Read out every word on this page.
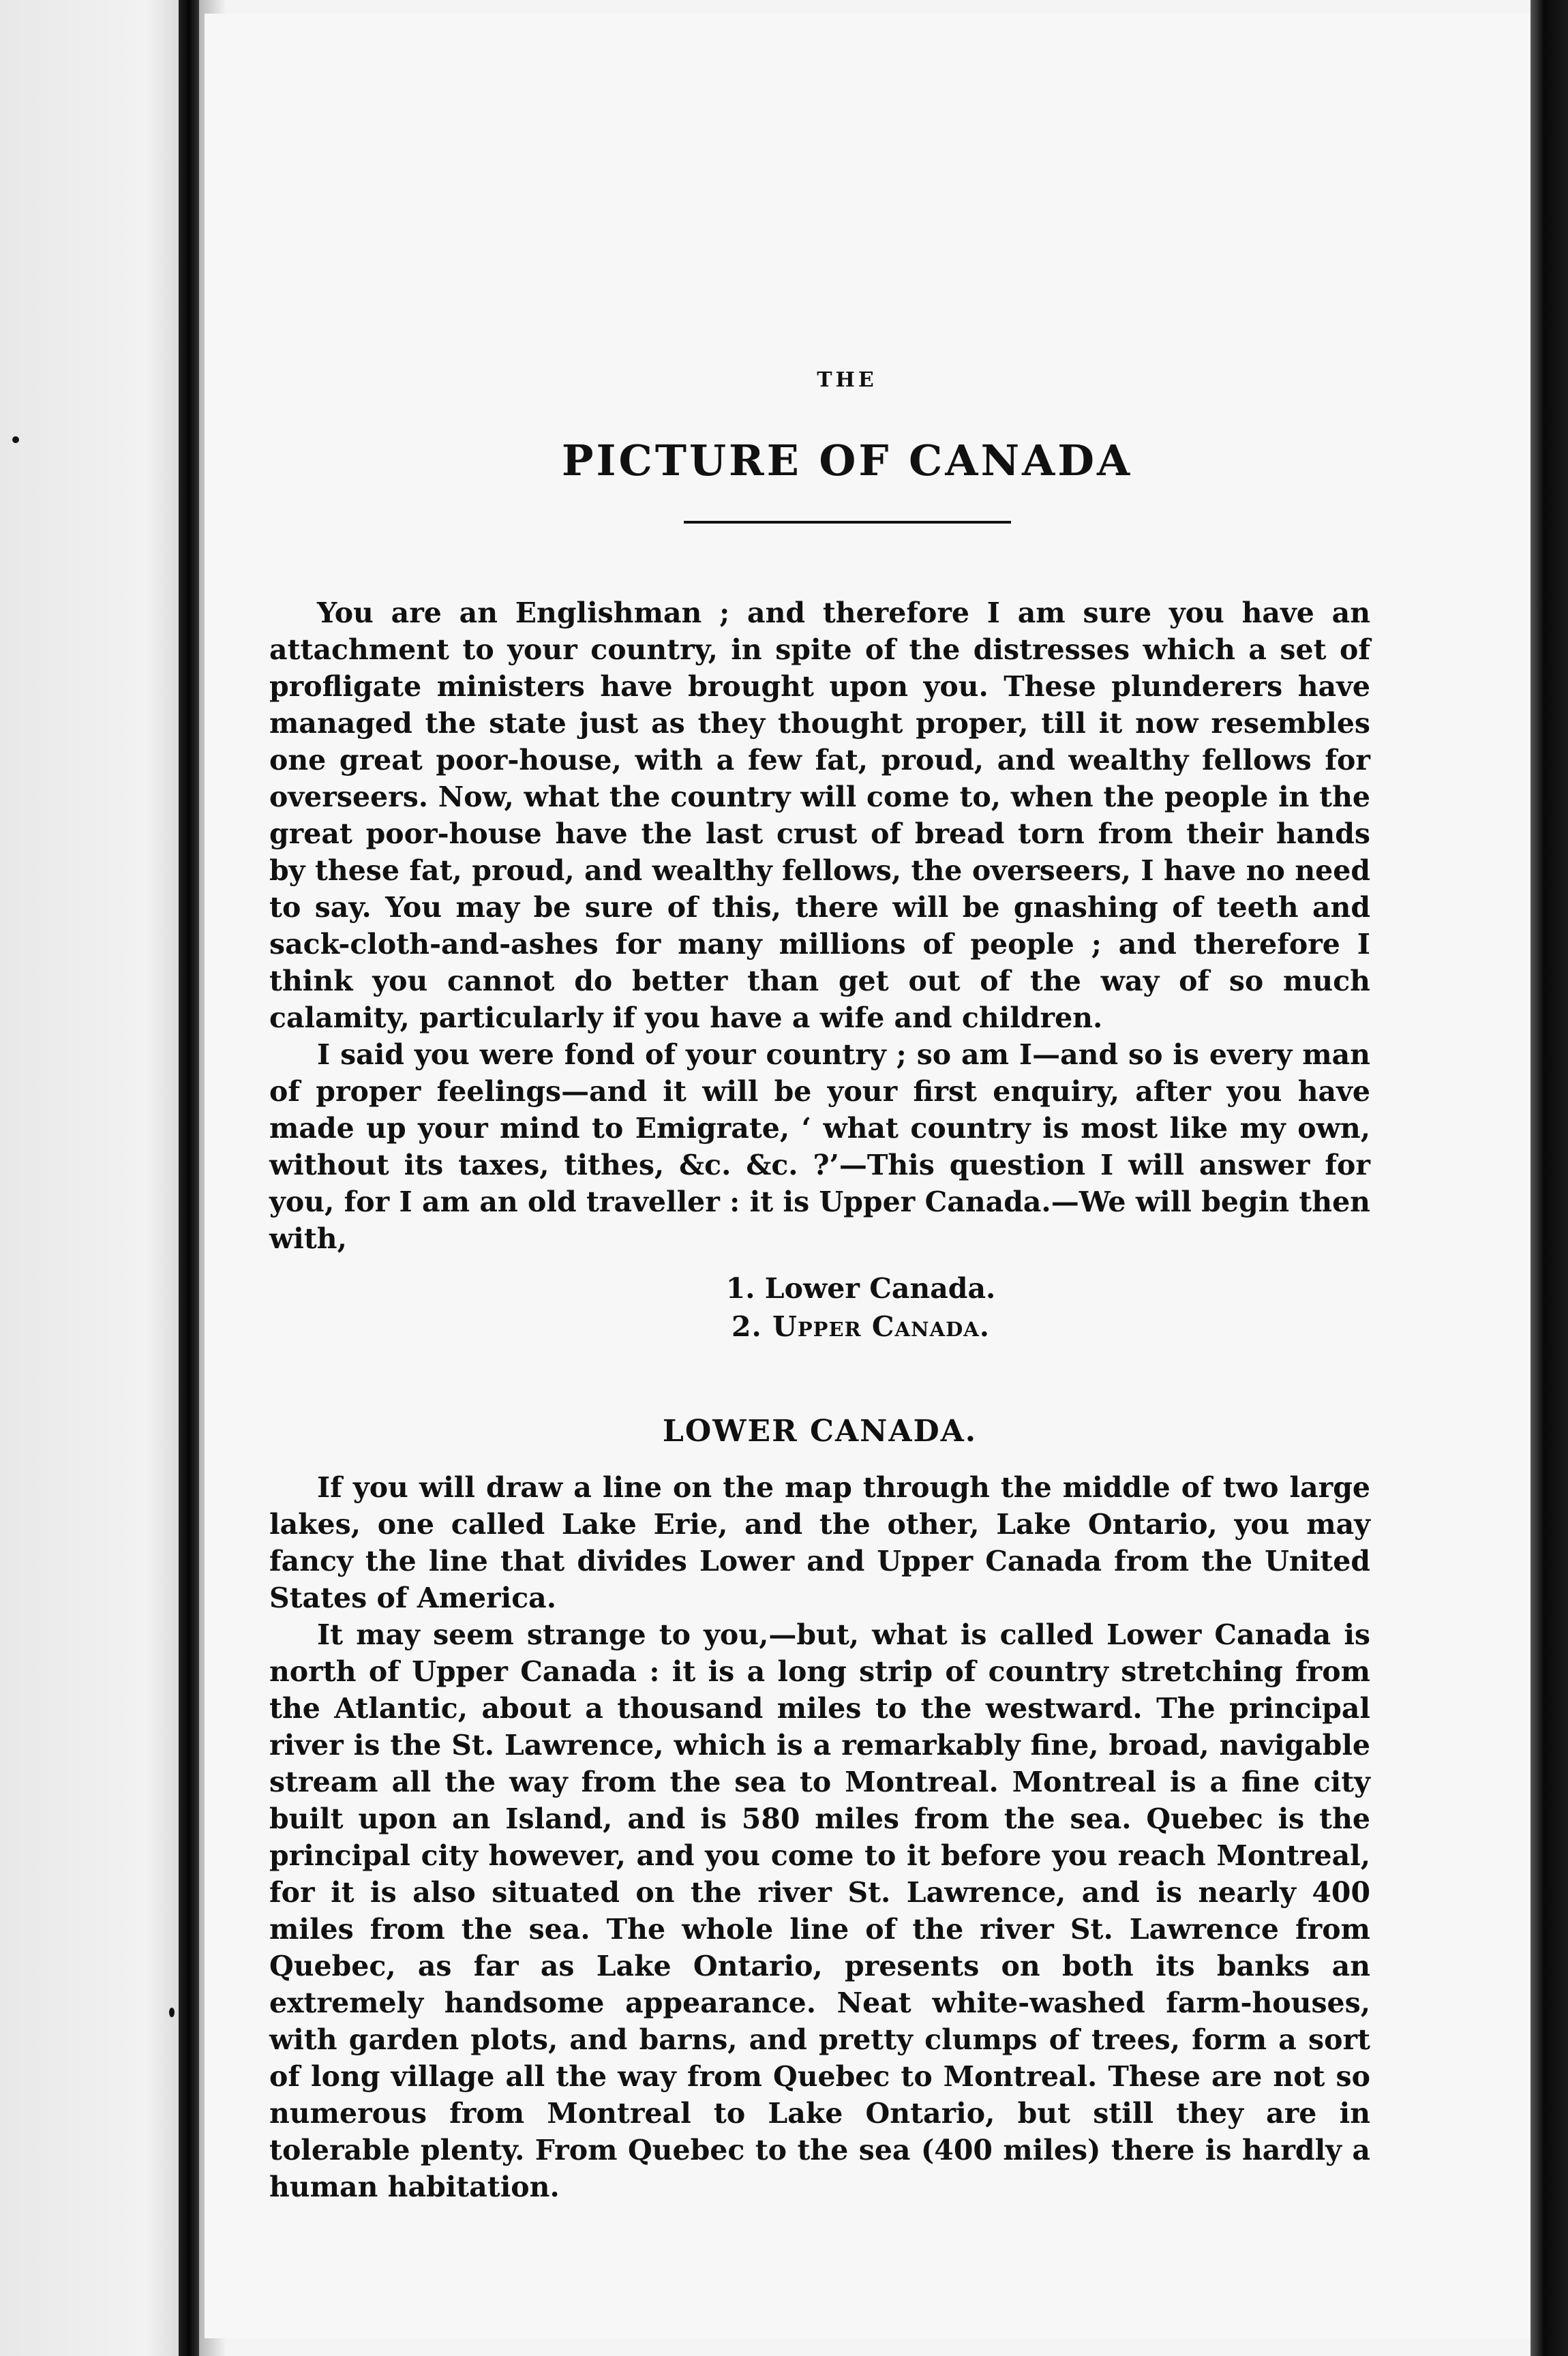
THE
PICTURE OF CANADA

You are an Englishman ; and therefore I am sure you have an attachment to your country, in spite of the distresses which a set of profligate ministers have brought upon you. These plunderers have managed the state just as they thought proper, till it now resembles one great poor-house, with a few fat, proud, and wealthy fellows for overseers. Now, what the country will come to, when the people in the great poor-house have the last crust of bread torn from their hands by these fat, proud, and wealthy fellows, the overseers, I have no need to say. You may be sure of this, there will be gnashing of teeth and sack-cloth-and-ashes for many millions of people ; and therefore I think you cannot do better than get out of the way of so much calamity, particularly if you have a wife and children.

I said you were fond of your country ; so am I—and so is every man of proper feelings—and it will be your first enquiry, after you have made up your mind to Emigrate, ‘ what country is most like my own, without its taxes, tithes, &c. &c. ?’—This question I will answer for you, for I am an old traveller : it is Upper Canada.—We will begin then with,

1. Lower Canada.
2. Upper Canada.
LOWER CANADA.

If you will draw a line on the map through the middle of two large lakes, one called Lake Erie, and the other, Lake Ontario, you may fancy the line that divides Lower and Upper Canada from the United States of America.

It may seem strange to you,—but, what is called Lower Canada is north of Upper Canada : it is a long strip of country stretching from the Atlantic, about a thousand miles to the westward. The principal river is the St. Lawrence, which is a remarkably fine, broad, navigable stream all the way from the sea to Montreal. Montreal is a fine city built upon an Island, and is 580 miles from the sea. Quebec is the principal city however, and you come to it before you reach Montreal, for it is also situated on the river St. Lawrence, and is nearly 400 miles from the sea. The whole line of the river St. Lawrence from Quebec, as far as Lake Ontario, presents on both its banks an extremely handsome appearance. Neat white-washed farm-houses, with garden plots, and barns, and pretty clumps of trees, form a sort of long village all the way from Quebec to Montreal. These are not so numerous from Montreal to Lake Ontario, but still they are in tolerable plenty. From Quebec to the sea (400 miles) there is hardly a human habitation.
